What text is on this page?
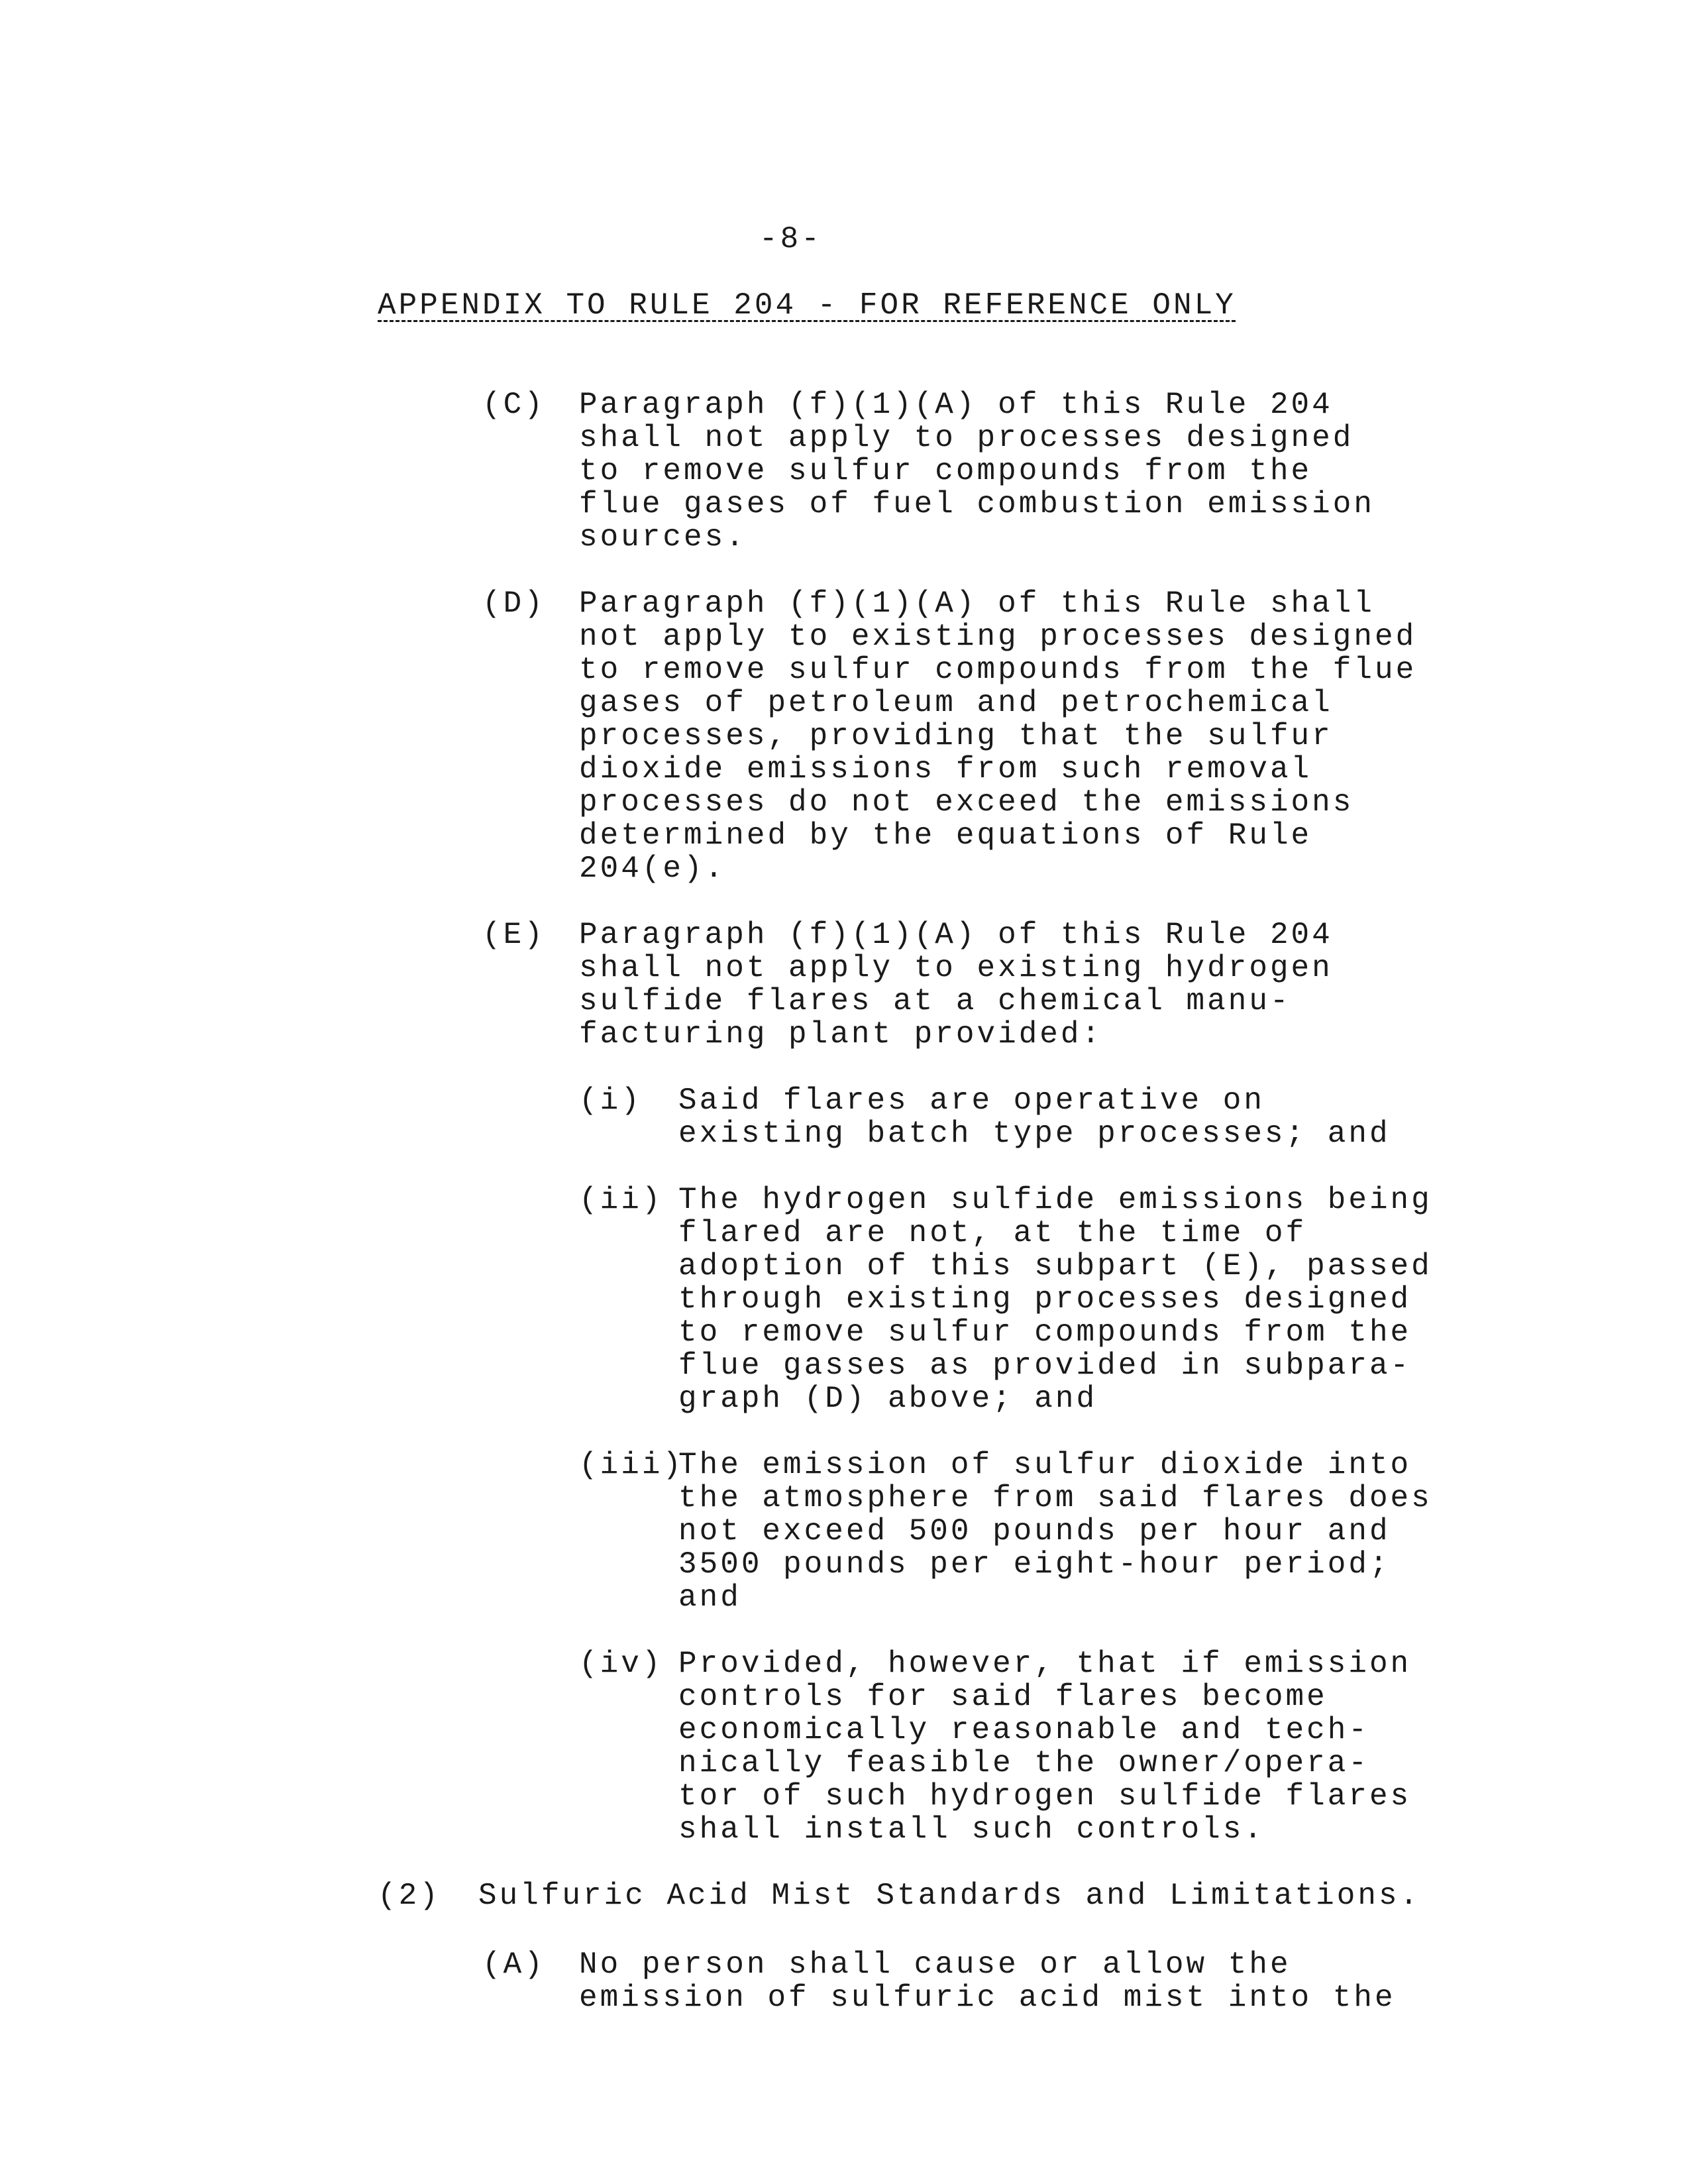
-8-
APPENDIX TO RULE 204 - FOR REFERENCE ONLY
(C) Paragraph (f)(1)(A) of this Rule 204
shall not apply to processes designed
to remove sulfur compounds from the
flue gases of fuel combustion emission
sources.
(D) Paragraph (f)(1)(A) of this Rule shall
not apply to existing processes designed
to remove sulfur compounds from the flue
gases of petroleum and petrochemical
processes, providing that the sulfur
dioxide emissions from such removal
processes do not exceed the emissions
determined by the equations of Rule
204(e).
(E) Paragraph (f)(1)(A) of this Rule 204
shall not apply to existing hydrogen
sulfide flares at a chemical manu-
facturing plant provided:
(i) Said flares are operative on
existing batch type processes; and
(ii) The hydrogen sulfide emissions being
flared are not, at the time of
adoption of this subpart (E), passed
through existing processes designed
to remove sulfur compounds from the
flue gasses as provided in subpara-
graph (D) above; and
(iii)
The emission of sulfur dioxide into
the atmosphere from said flares does
not exceed 500 pounds per hour and
3500 pounds per eight-hour period;
and
(iv) Provided, however, that if emission
controls for said flares become
economically reasonable and tech-
nically feasible the owner/opera-
tor of such hydrogen sulfide flares
shall install such controls.
(2) Sulfuric Acid Mist Standards and Limitations.
(A) No person shall cause or allow the
emission of sulfuric acid mist into the
